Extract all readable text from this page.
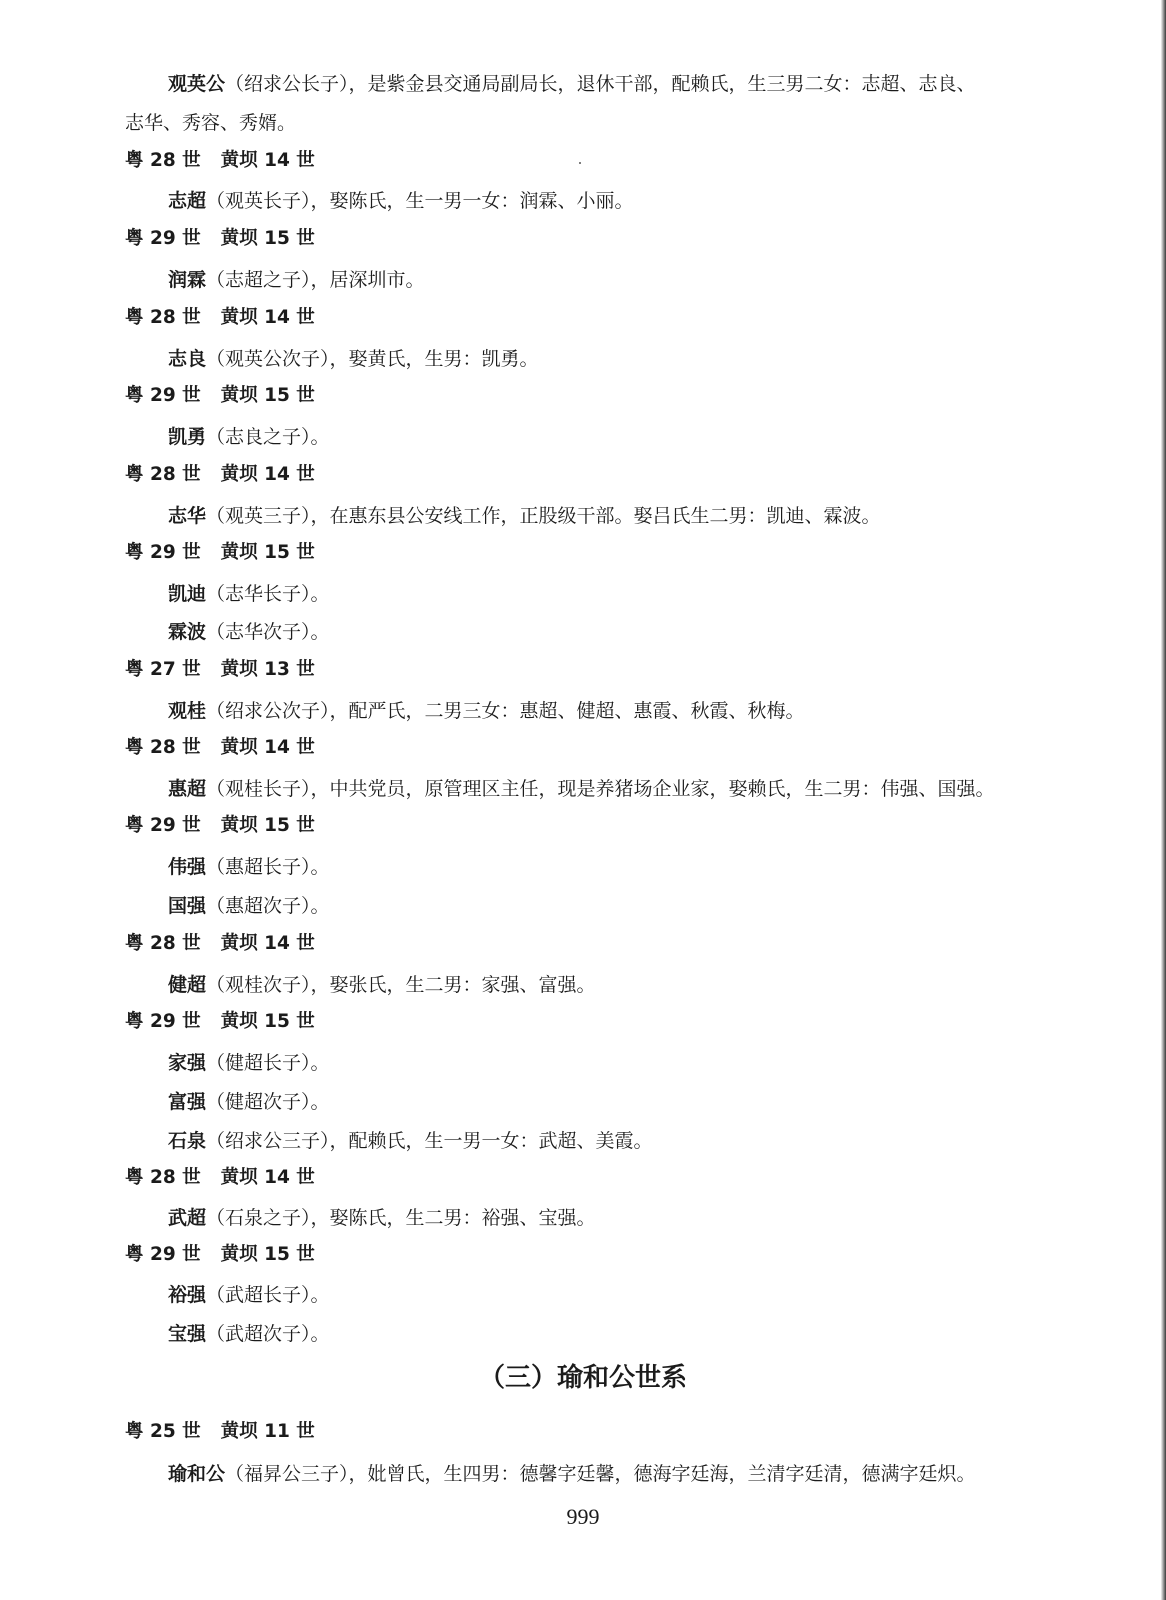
观英公（绍求公长子），是紫金县交通局副局长，退休干部，配赖氏，生三男二女：志超、志良、
志华、秀容、秀婿。
粤 28 世 黄坝 14 世
志超（观英长子），娶陈氏，生一男一女：润霖、小丽。
粤 29 世 黄坝 15 世
润霖（志超之子），居深圳市。
粤 28 世 黄坝 14 世
志良（观英公次子），娶黄氏，生男：凯勇。
粤 29 世 黄坝 15 世
凯勇（志良之子）。
粤 28 世 黄坝 14 世
志华（观英三子），在惠东县公安线工作，正股级干部。娶吕氏生二男：凯迪、霖波。
粤 29 世 黄坝 15 世
凯迪（志华长子）。
霖波（志华次子）。
粤 27 世 黄坝 13 世
观桂（绍求公次子），配严氏，二男三女：惠超、健超、惠霞、秋霞、秋梅。
粤 28 世 黄坝 14 世
惠超（观桂长子），中共党员，原管理区主任，现是养猪场企业家，娶赖氏，生二男：伟强、国强。
粤 29 世 黄坝 15 世
伟强（惠超长子）。
国强（惠超次子）。
粤 28 世 黄坝 14 世
健超（观桂次子），娶张氏，生二男：家强、富强。
粤 29 世 黄坝 15 世
家强（健超长子）。
富强（健超次子）。
石泉（绍求公三子），配赖氏，生一男一女：武超、美霞。
粤 28 世 黄坝 14 世
武超（石泉之子），娶陈氏，生二男：裕强、宝强。
粤 29 世 黄坝 15 世
裕强（武超长子）。
宝强（武超次子）。
（三）瑜和公世系
粤 25 世 黄坝 11 世
瑜和公（福昇公三子），妣曾氏，生四男：德馨字廷馨，德海字廷海，兰清字廷清，德满字廷炽。
999
